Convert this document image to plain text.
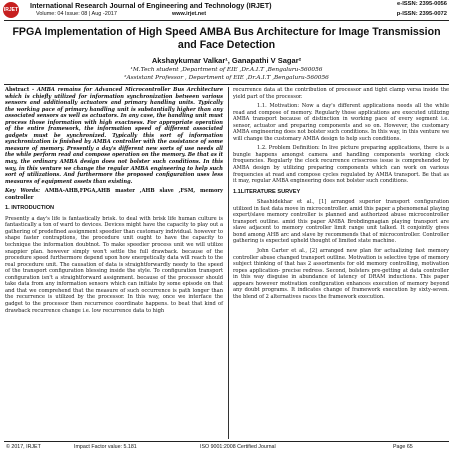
IRJET International Research Journal of Engineering and Technology (IRJET)
Volume: 04 Issue: 08 | Aug -2017	www.irjet.net
e-ISSN: 2395-0056
p-ISSN: 2395-0072
FPGA Implementation of High Speed AMBA Bus Architecture for Image Transmission and Face Detection
Akshaykumar Valkar¹, Ganapathi V Sagar²
¹M.Tech student ,Department of EIE ,Dr.A.I.T ,Bengaluru-560056
²Assistant Professor , Department of EIE ,Dr.A.I.T ,Bengaluru-560056

Abstract - AMBA remains for Advanced Microcontroller Bus Architecture which is chiefly utilized for information synchronization between various sensors and additionally actuators and primary handling units. Typically the working pace of primary handling unit is substantially higher than any associated sensors as well as actuators. In any case, the handling unit must process those information with high exactness. For appropriate operation of the entire framework, the information speed of different associated gadgets must be synchronized. Typically this sort of information synchronization is finished by AMBA controller with the assistance of some measure of memory. Presently a day's different new sorts of use needs all the while perform read and compose operation on the memory. Be that as it may, the ordinary AMBA design does not bolster such conditions. In this way, in this venture we change the regular AMBA engineering to help such sort of utilizations. And furthermore the proposed configuration uses less measures of equipment assets than existing.

Key Words: AMBA-AHB,FPGA,AHB master ,AHB slave ,FSM, memory controller

1. INTRODUCTION

Presently a day's life is fantastically brisk. to deal with brisk life human culture is fantastically a ton of ward to devices. Devices might have the capacity to play out a gathering of predefined assignment speedier than customary individual. however to shape faster contraptions, the procedure unit ought to have the capacity to technique the information doubtnot. To make speedier process unit we will utilize snappier plan. however simply won't settle the full drawback. because of the procedure speed furthermore depend upon how energetically data will reach to the real procedure unit. The causation of data is straightforwardly needy to the speed of the transport configuration blessing inside the style. To configuration transport configuration isn't a straightforward assignment. because of the processor should take data from any information sensors which can initiate by some episode on that and that we comprehend that the measure of such occurrence is path longer than the recurrence is utilized by the processor. In this way, once we interface the gadget to the processor then recurrence coordinate happens. to beat that kind of drawback recurrence change i.e. low recurrence data to high

recurrence data at the contribution of processor and tight clamp versa inside the yield part of the processor.

1.1. Motivation: Now a day's different applications needs all the while read and compose of memory. Regularly those applications are executed utilizing AMBA transport because of distinction in working pace of every segment i.e. sensor, actuator and preparing components and so on. However, the customary AMBA engineering does not bolster such conditions. In this way, in this venture we will change the customary AMBA design to help such conditions.

1.2. Problem Definition: In live picture preparing applications, there is a bungle happens amongst camera and handling components working clock frequencies. Regularly the clock recurrence crisscross issue is comprehended by AMBA design by utilizing preparing components which can work on various frequencies at read and compose cycles regulated by AMBA transport. Be that as it may, regular AMBA engineering does not bolster such conditions.

1.1LITERATURE SURVEY

Shashidekhar et al., [1] arranged superior transport configuration utilized in fast data move in microcontroller. amid this paper a phenomenal playing expert/slave memory controller is planned and authorized abuse microcontroller transport outline. amid this paper AMBA Brobdingnagian playing transport are slave adjacent to memory controller limit range unit talked. It conjointly gives bond among AHB arc and slave by recommends that of microcontroller. Controller gathering is expected upheld thought of limited state machine.

John Carter et al., [2] arranged new plan for actualizing fast memory controller abuse changed transport outline. Motivation is selective type of memory subject thinking of that has 2 assortments for old memory controlling, motivation ropes application- precise redress. Second, bolsters pre-getting at data controller in this way disguise in abundance of latency of DRAM inductions. This paper appears however motivation configuration enhances execution of memory beyond any doubt programs. It indicates change of framework execution by sixty-seven. the blend of 2 alternatives races the framework execution.

© 2017, IRJET	Impact Factor value: 5.181	ISO 9001:2008 Certified Journal	Page 65
